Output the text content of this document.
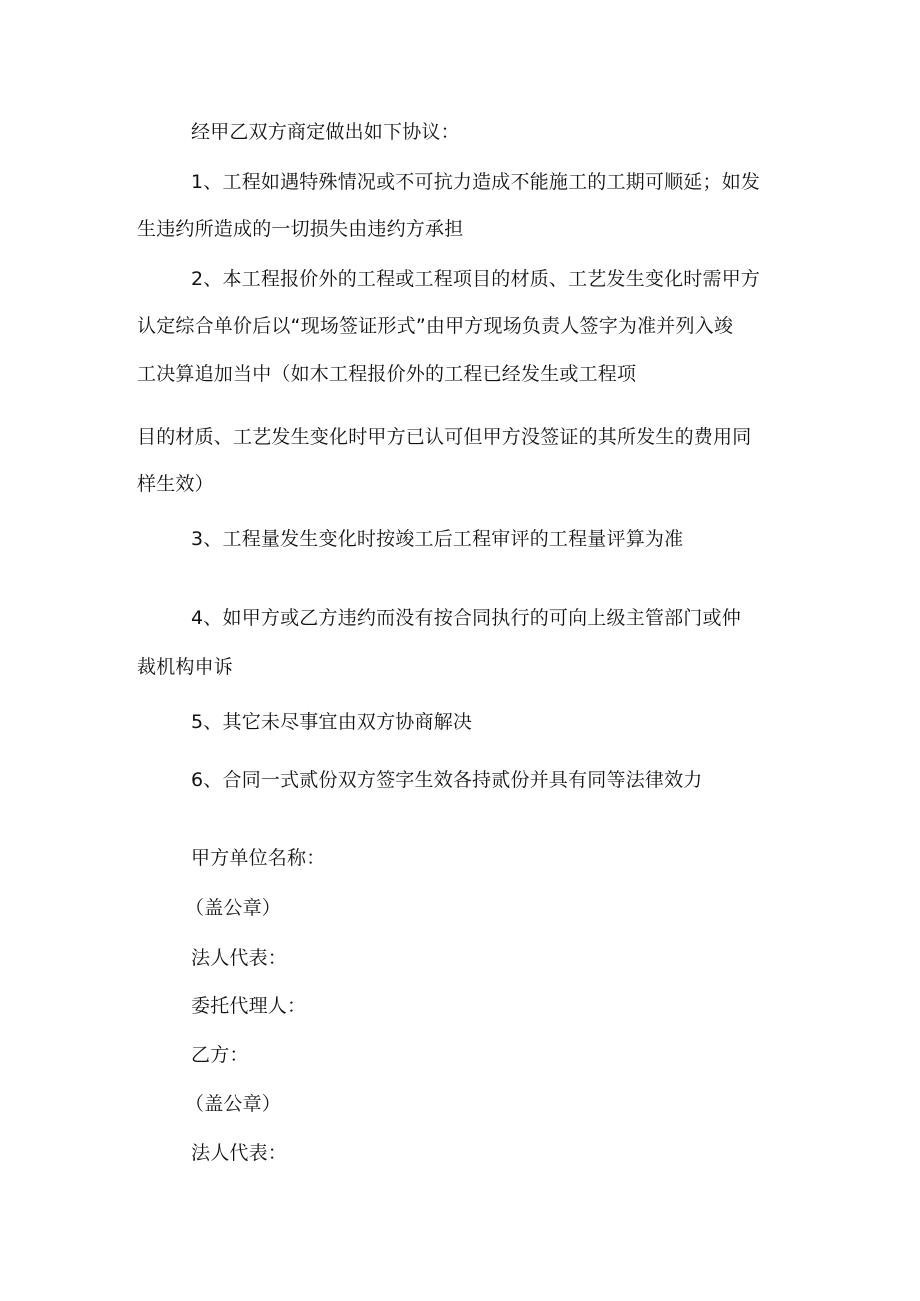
经甲乙双方商定做出如下协议：

1、工程如遇特殊情况或不可抗力造成不能施工的工期可顺延；如发

生违约所造成的一切损失由违约方承担

2、本工程报价外的工程或工程项目的材质、工艺发生变化时需甲方

认定综合单价后以“现场签证形式”由甲方现场负责人签字为准并列入竣

工决算追加当中（如木工程报价外的工程已经发生或工程项

目的材质、工艺发生变化时甲方已认可但甲方没签证的其所发生的费用同

样生效）

3、工程量发生变化时按竣工后工程审评的工程量评算为准

4、如甲方或乙方违约而没有按合同执行的可向上级主管部门或仲

裁机构申诉

5、其它未尽事宜由双方协商解决

6、合同一式贰份双方签字生效各持贰份并具有同等法律效力

甲方单位名称：

（盖公章）

法人代表：

委托代理人：

乙方：

（盖公章）

法人代表：
